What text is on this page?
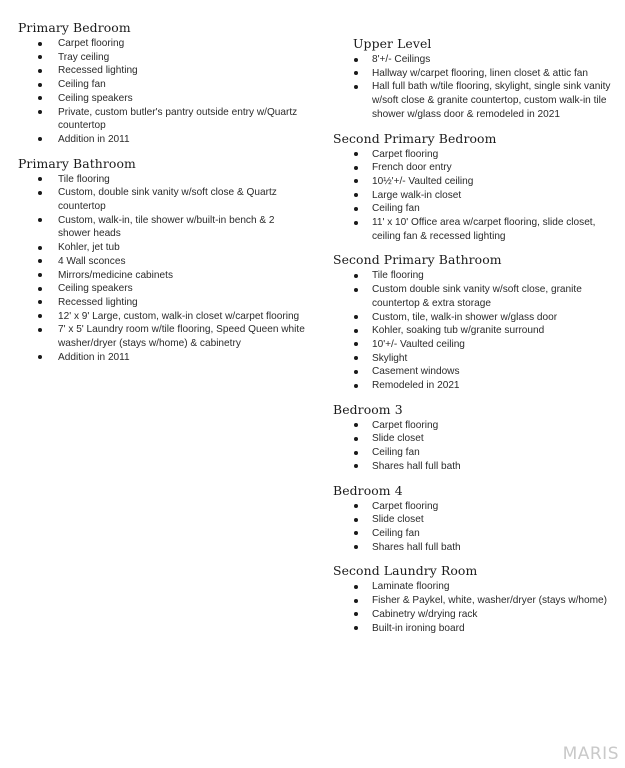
Primary Bedroom
Carpet flooring
Tray ceiling
Recessed lighting
Ceiling fan
Ceiling speakers
Private, custom butler's pantry outside entry w/Quartz countertop
Addition in 2011
Primary Bathroom
Tile flooring
Custom, double sink vanity w/soft close & Quartz countertop
Custom, walk-in, tile shower w/built-in bench & 2 shower heads
Kohler, jet tub
4 Wall sconces
Mirrors/medicine cabinets
Ceiling speakers
Recessed lighting
12' x 9' Large, custom, walk-in closet w/carpet flooring
7' x 5' Laundry room w/tile flooring, Speed Queen white washer/dryer (stays w/home) & cabinetry
Addition in 2011
Upper Level
8'+/- Ceilings
Hallway w/carpet flooring, linen closet & attic fan
Hall full bath w/tile flooring, skylight, single sink vanity w/soft close & granite countertop, custom walk-in tile shower w/glass door & remodeled in 2021
Second Primary Bedroom
Carpet flooring
French door entry
10½'+/- Vaulted ceiling
Large walk-in closet
Ceiling fan
11' x 10' Office area w/carpet flooring, slide closet, ceiling fan & recessed lighting
Second Primary Bathroom
Tile flooring
Custom double sink vanity w/soft close, granite countertop & extra storage
Custom, tile, walk-in shower w/glass door
Kohler, soaking tub w/granite surround
10'+/- Vaulted ceiling
Skylight
Casement windows
Remodeled in 2021
Bedroom 3
Carpet flooring
Slide closet
Ceiling fan
Shares hall full bath
Bedroom 4
Carpet flooring
Slide closet
Ceiling fan
Shares hall full bath
Second Laundry Room
Laminate flooring
Fisher & Paykel, white, washer/dryer (stays w/home)
Cabinetry w/drying rack
Built-in ironing board
MARIS
